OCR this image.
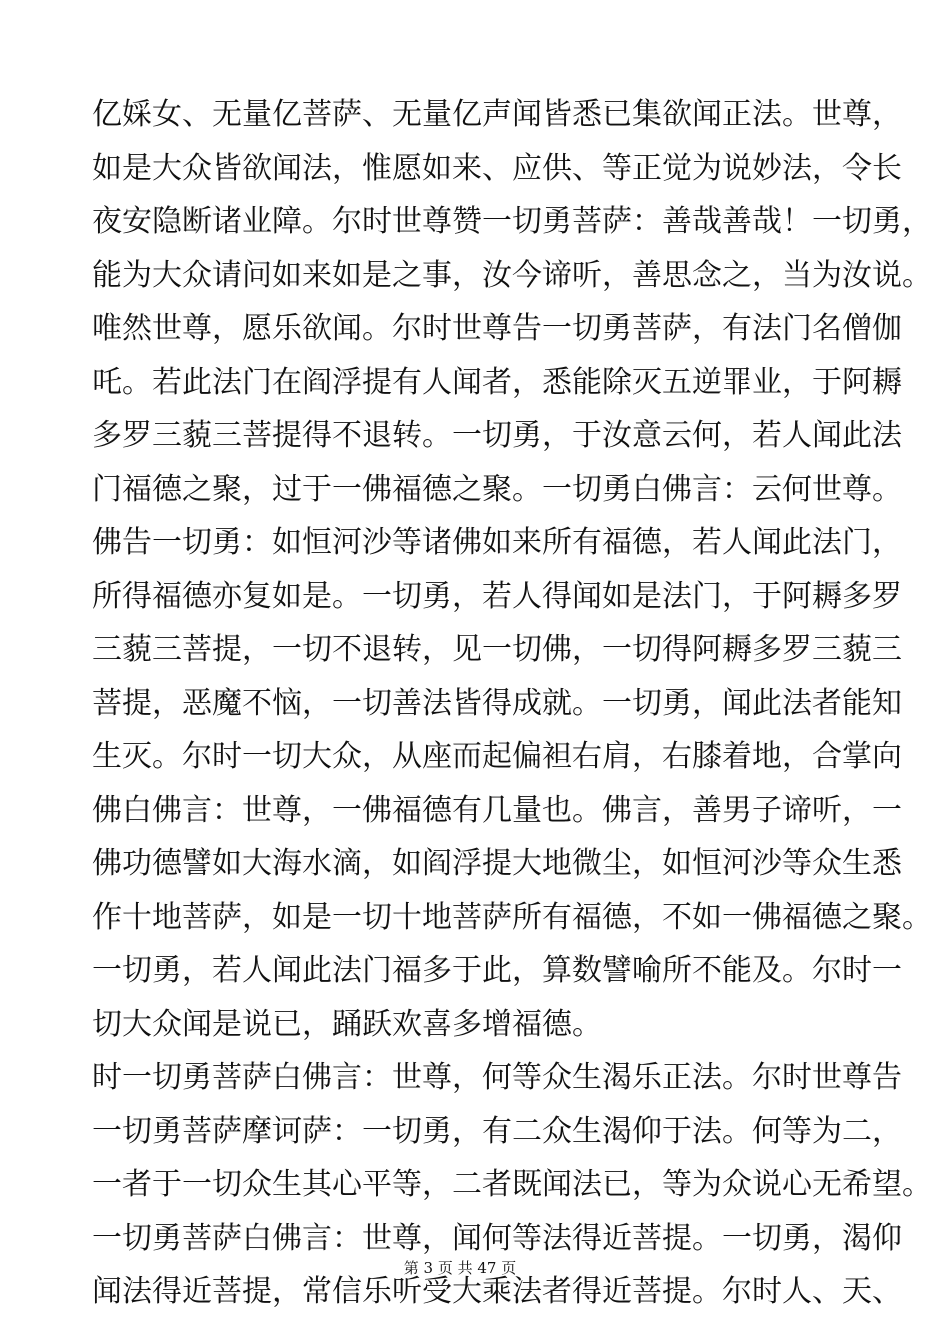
亿婇女、无量亿菩萨、无量亿声闻皆悉已集欲闻正法。世尊，
如是大众皆欲闻法，惟愿如来、应供、等正觉为说妙法，令长
夜安隐断诸业障。尔时世尊赞一切勇菩萨：善哉善哉！一切勇，
能为大众请问如来如是之事，汝今谛听，善思念之，当为汝说。
唯然世尊，愿乐欲闻。尔时世尊告一切勇菩萨，有法门名僧伽
吒。若此法门在阎浮提有人闻者，悉能除灭五逆罪业，于阿耨
多罗三藐三菩提得不退转。一切勇，于汝意云何，若人闻此法
门福德之聚，过于一佛福德之聚。一切勇白佛言：云何世尊。
佛告一切勇：如恒河沙等诸佛如来所有福德，若人闻此法门，
所得福德亦复如是。一切勇，若人得闻如是法门，于阿耨多罗
三藐三菩提，一切不退转，见一切佛，一切得阿耨多罗三藐三
菩提，恶魔不恼，一切善法皆得成就。一切勇，闻此法者能知
生灭。尔时一切大众，从座而起偏袒右肩，右膝着地，合掌向
佛白佛言：世尊，一佛福德有几量也。佛言，善男子谛听，一
佛功德譬如大海水滴，如阎浮提大地微尘，如恒河沙等众生悉
作十地菩萨，如是一切十地菩萨所有福德，不如一佛福德之聚。
一切勇，若人闻此法门福多于此，算数譬喻所不能及。尔时一
切大众闻是说已，踊跃欢喜多增福德。
时一切勇菩萨白佛言：世尊，何等众生渴乐正法。尔时世尊告
一切勇菩萨摩诃萨：一切勇，有二众生渴仰于法。何等为二，
一者于一切众生其心平等，二者既闻法已，等为众说心无希望。
一切勇菩萨白佛言：世尊，闻何等法得近菩提。一切勇，渴仰
闻法得近菩提，常信乐听受大乘法者得近菩提。尔时人、天、
第 3 页 共 47 页
